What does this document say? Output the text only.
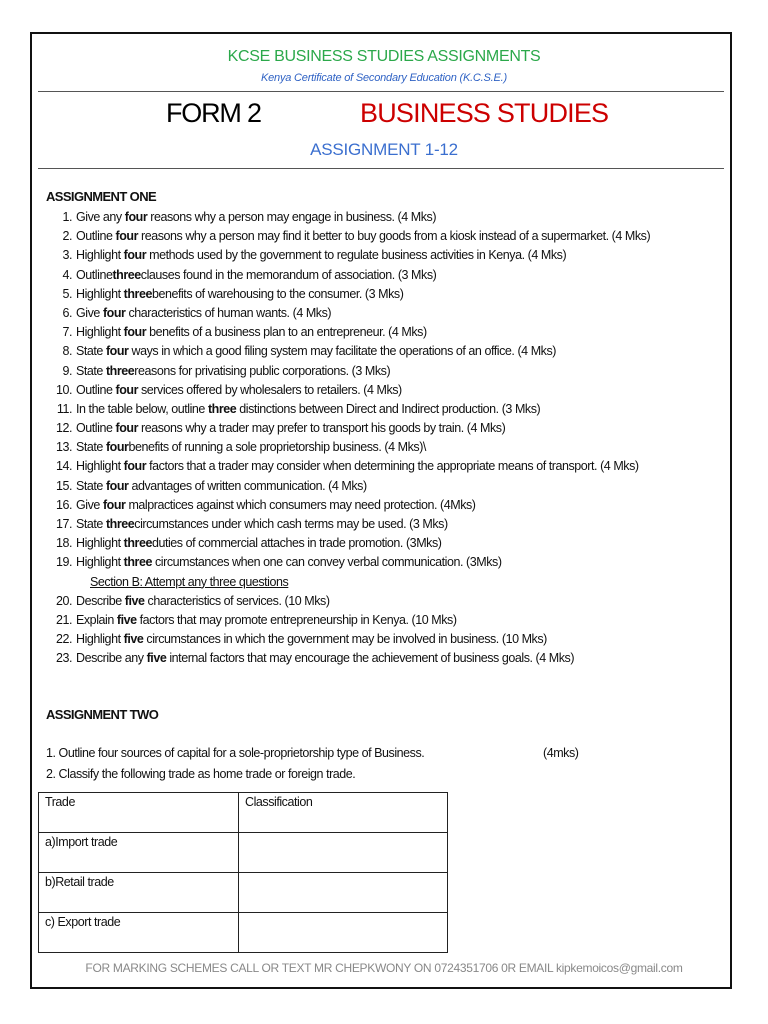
KCSE BUSINESS STUDIES ASSIGNMENTS
Kenya Certificate of Secondary Education (K.C.S.E.)
FORM 2	BUSINESS STUDIES
ASSIGNMENT 1-12
ASSIGNMENT ONE
1. Give any four reasons why a person may engage in business. (4 Mks)
2. Outline four reasons why a person may find it better to buy goods from a kiosk instead of a supermarket. (4 Mks)
3. Highlight four methods used by the government to regulate business activities in Kenya. (4 Mks)
4. Outlinethreeclauses found in the memorandum of association. (3 Mks)
5. Highlight threebenefits of warehousing to the consumer. (3 Mks)
6. Give four characteristics of human wants. (4 Mks)
7. Highlight four benefits of a business plan to an entrepreneur. (4 Mks)
8. State four ways in which a good filing system may facilitate the operations of an office. (4 Mks)
9. State threereasons for privatising public corporations. (3 Mks)
10. Outline four services offered by wholesalers to retailers. (4 Mks)
11. In the table below, outline three distinctions between Direct and Indirect production. (3 Mks)
12. Outline four reasons why a trader may prefer to transport his goods by train. (4 Mks)
13. State fourbenefits of running a sole proprietorship business. (4 Mks)\
14. Highlight four factors that a trader may consider when determining the appropriate means of transport. (4 Mks)
15. State four advantages of written communication. (4 Mks)
16. Give four malpractices against which consumers may need protection. (4Mks)
17. State threecircumstances under which cash terms may be used. (3 Mks)
18. Highlight threeduties of commercial attaches in trade promotion. (3Mks)
19. Highlight three circumstances when one can convey verbal communication. (3Mks)
Section B: Attempt any three questions
20. Describe five characteristics of services. (10 Mks)
21. Explain five factors that may promote entrepreneurship in Kenya. (10 Mks)
22. Highlight five circumstances in which the government may be involved in business. (10 Mks)
23. Describe any five internal factors that may encourage the achievement of business goals. (4 Mks)
ASSIGNMENT TWO
1. Outline four sources of capital for a sole-proprietorship type of Business.	(4mks)
2. Classify the following trade as home trade or foreign trade.
Trade	Classification
a)Import trade	
b)Retail trade	
c) Export trade	
FOR MARKING SCHEMES CALL OR TEXT MR CHEPKWONY ON 0724351706 0R EMAIL kipkemoicos@gmail.com
